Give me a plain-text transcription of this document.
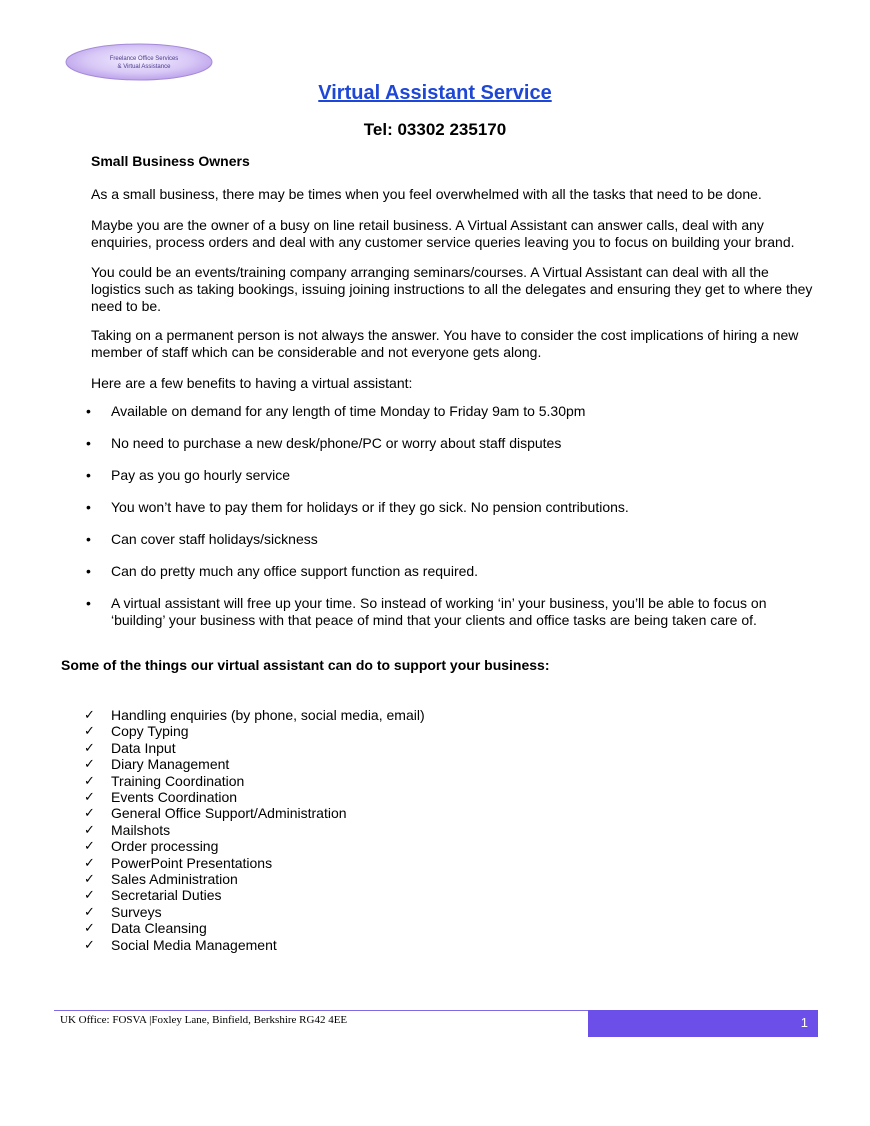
Freelance Office Services
& Virtual Assistance
Virtual Assistant Service
Tel: 03302 235170
Small Business Owners
As a small business, there may be times when you feel overwhelmed with all the tasks that need to be done.
Maybe you are the owner of a busy on line retail business. A Virtual Assistant can answer calls, deal with any enquiries, process orders and deal with any customer service queries leaving you to focus on building your brand.
You could be an events/training company arranging seminars/courses. A Virtual Assistant can deal with all the logistics such as taking bookings, issuing joining instructions to all the delegates and ensuring they get to where they need to be.
Taking on a permanent person is not always the answer. You have to consider the cost implications of hiring a new member of staff which can be considerable and not everyone gets along.
Here are a few benefits to having a virtual assistant:
• Available on demand for any length of time Monday to Friday 9am to 5.30pm
• No need to purchase a new desk/phone/PC or worry about staff disputes
• Pay as you go hourly service
• You won’t have to pay them for holidays or if they go sick. No pension contributions.
• Can cover staff holidays/sickness
• Can do pretty much any office support function as required.
• A virtual assistant will free up your time. So instead of working ‘in’ your business, you’ll be able to focus on ‘building’ your business with that peace of mind that your clients and office tasks are being taken care of.
Some of the things our virtual assistant can do to support your business:
✓ Handling enquiries (by phone, social media, email)
✓ Copy Typing
✓ Data Input
✓ Diary Management
✓ Training Coordination
✓ Events Coordination
✓ General Office Support/Administration
✓ Mailshots
✓ Order processing
✓ PowerPoint Presentations
✓ Sales Administration
✓ Secretarial Duties
✓ Surveys
✓ Data Cleansing
✓ Social Media Management
UK Office: FOSVA |Foxley Lane, Binfield, Berkshire RG42 4EE	1
